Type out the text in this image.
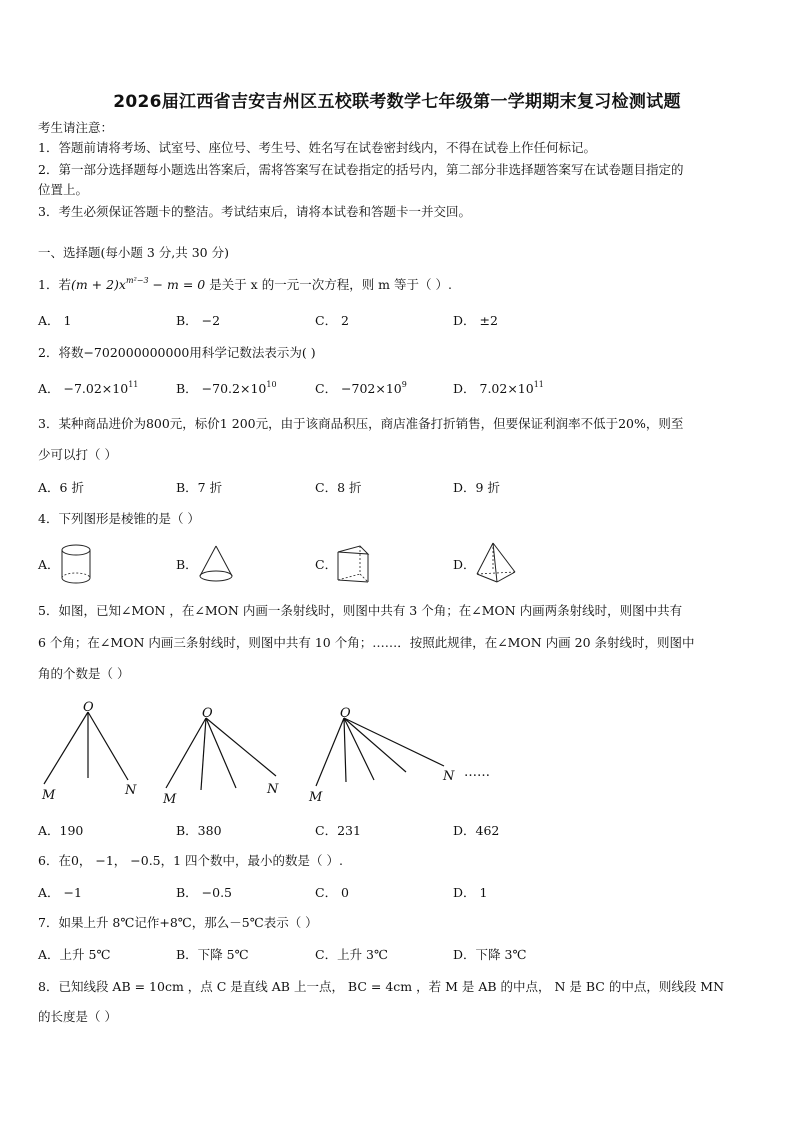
2026届江西省吉安吉州区五校联考数学七年级第一学期期末复习检测试题
考生请注意：
1．答题前请将考场、试室号、座位号、考生号、姓名写在试卷密封线内，不得在试卷上作任何标记。
2．第一部分选择题每小题选出答案后，需将答案写在试卷指定的括号内，第二部分非选择题答案写在试卷题目指定的
位置上。
3．考生必须保证答题卡的整洁。考试结束后，请将本试卷和答题卡一并交回。
一、选择题(每小题 3 分,共 30 分)
1．若$(m + 2)x^{m^2-3} - m = 0$ 是关于 x 的一元一次方程，则 m 等于（ ）.
A． 1	B． −2	C． 2	D． ±2
2．将数−702000000000用科学记数法表示为( )
A． $-7.02\times 10^{11}$	B． $-70.2\times 10^{10}$	C． $-702\times 10^9$	D． $7.02\times 10^{11}$
3．某种商品进价为800元，标价1 200元，由于该商品积压，商店准备打折销售，但要保证利润率不低于20%，则至
少可以打（ ）
A．6 折	B．7 折	C．8 折	D．9 折
4．下列图形是棱锥的是（ ）
A．	B．	C．	D．
5．如图，已知∠MON ，在∠MON 内画一条射线时，则图中共有 3 个角；在∠MON 内画两条射线时，则图中共有
6 个角；在∠MON 内画三条射线时，则图中共有 10 个角；……．按照此规律，在∠MON 内画 20 条射线时，则图中
角的个数是（ ）
O
M	N
O
M
N
O
M
N ……
A．190	B．380	C．231	D．462
6．在0， −1， −0.5，1 四个数中，最小的数是（ ）.
A． −1	B． −0.5	C． 0	D． 1
7．如果上升 8℃记作+8℃，那么－5℃表示（ ）
A．上升 5℃	B．下降 5℃	C．上升 3℃	D．下降 3℃
8．已知线段 AB = 10cm ，点 C 是直线 AB 上一点， BC = 4cm ，若 M 是 AB 的中点， N 是 BC 的中点，则线段 MN
的长度是（ ）
